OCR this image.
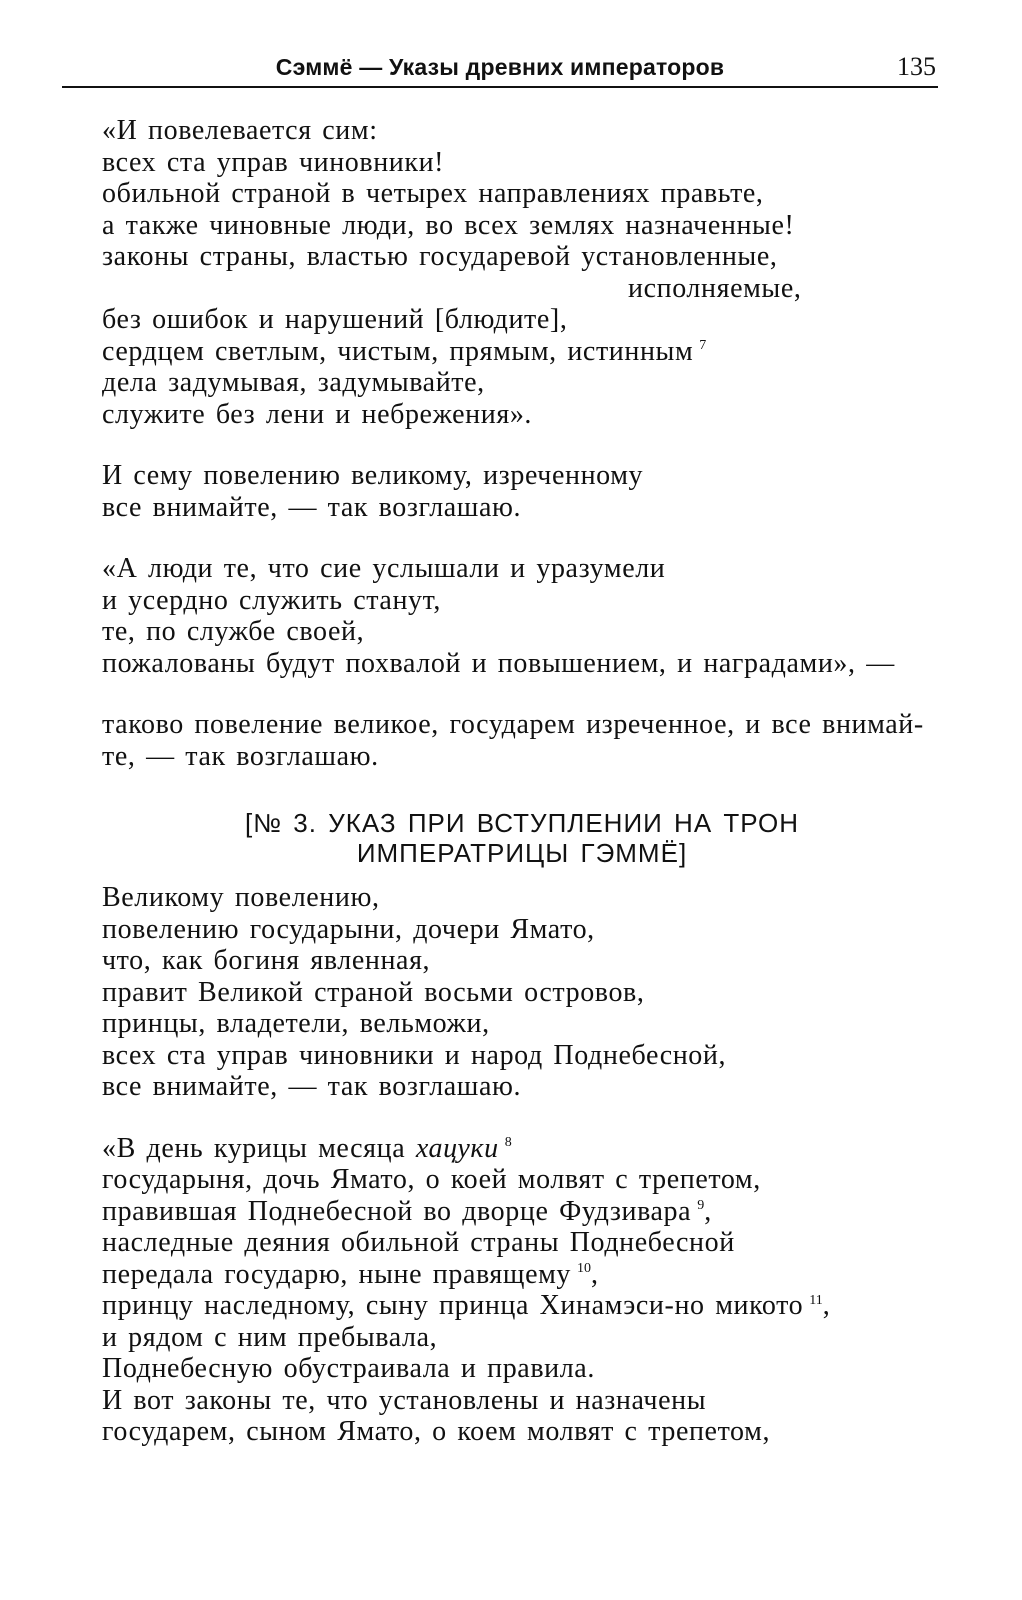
Сэммё — Указы древних императоров	135
«И повелевается сим:
всех ста управ чиновники!
обильной страной в четырех направлениях правьте,
а также чиновные люди, во всех землях назначенные!
законы страны, властью государевой установленные,
исполняемые,
без ошибок и нарушений [блюдите],
сердцем светлым, чистым, прямым, истинным $^7$
дела задумывая, задумывайте,
служите без лени и небрежения».
И сему повелению великому, изреченному
все внимайте, — так возглашаю.
«А люди те, что сие услышали и уразумели
и усердно служить станут,
те, по службе своей,
пожалованы будут похвалой и повышением, и наградами», —
таково повеление великое, государем изреченное, и все внимай-
те, — так возглашаю.
[№ 3. УКАЗ ПРИ ВСТУПЛЕНИИ НА ТРОН
ИМПЕРАТРИЦЫ ГЭММЁ]
Великому повелению,
повелению государыни, дочери Ямато,
что, как богиня явленная,
правит Великой страной восьми островов,
принцы, владетели, вельможи,
всех ста управ чиновники и народ Поднебесной,
все внимайте, — так возглашаю.
«В день курицы месяца хацуки $^8$
государыня, дочь Ямато, о коей молвят с трепетом,
правившая Поднебесной во дворце Фудзивара $^9$,
наследные деяния обильной страны Поднебесной
передала государю, ныне правящему $^{10}$,
принцу наследному, сыну принца Хинамэси-но микото $^{11}$,
и рядом с ним пребывала,
Поднебесную обустраивала и правила.
И вот законы те, что установлены и назначены
государем, сыном Ямато, о коем молвят с трепетом,
